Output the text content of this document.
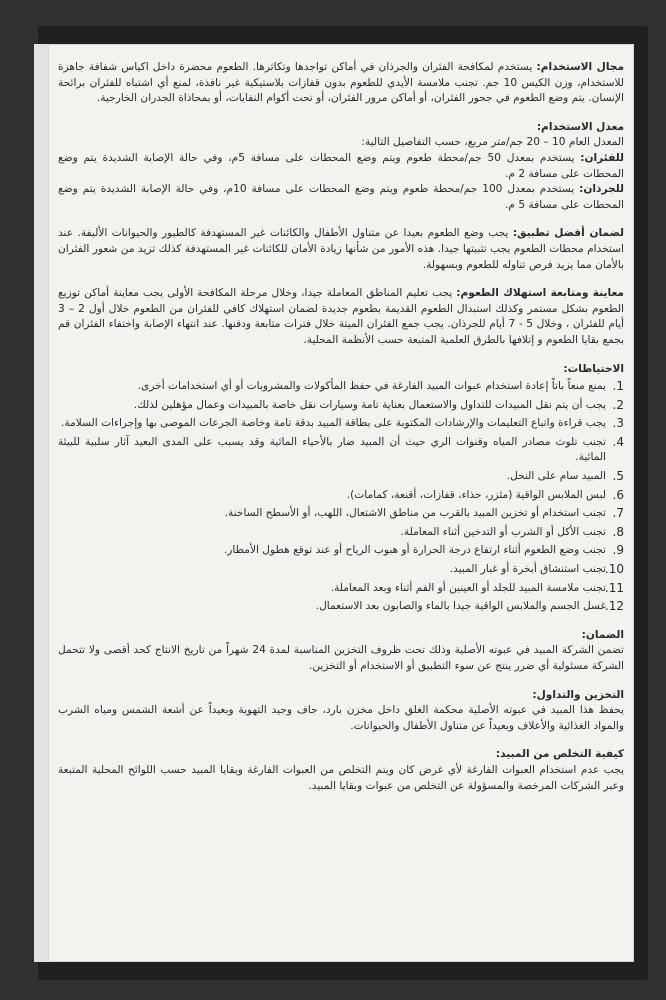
مجال الاستخدام: يستخدم لمكافحة الفئران والجرذان في أماكن تواجدها وتكاثرها. الطعوم محضرة داخل اكياس شفافة جاهزة للاستخدام، وزن الكيس 10 جم. تجنب ملامسة الأيدي للطعوم بدون قفازات بلاستيكية غير نافذة، لمنع أي اشتباه للفئران برائحة الإنسان. يتم وضع الطعوم في جحور الفئران، أو أماكن مرور الفئران، أو تحت أكوام النفايات، أو بمحاذاة الجدران الخارجية.
معدل الاستخدام:
المعدل العام 10 – 20 جم/متر مربع، حسب التفاصيل التالية:
للفئران: يستخدم بمعدل 50 جم/محطة طعوم ويتم وضع المحطات على مسافة 5م، وفي حالة الإصابة الشديدة يتم وضع المحطات على مسافة 2 م.
للجرذان: يستخدم بمعدل 100 جم/محطة طعوم ويتم وضع المحطات على مسافة 10م، وفي حالة الإصابة الشديدة يتم وضع المحطات على مسافة 5 م.
لضمان أفضل تطبيق: يجب وضع الطعوم بعيدا عن متناول الأطفال والكائنات غير المستهدفة كالطيور والحيوانات الأليفة. عند استخدام محطات الطعوم يجب تثبيتها جيدا. هذه الأمور من شأنها زيادة الأمان للكائنات غير المستهدفة كذلك تزيد من شعور الفئران بالأمان مما يزيد فرص تناوله للطعوم وبسهولة.
معاينة ومتابعة استهلاك الطعوم: يجب تعليم المناطق المعاملة جيدا، وخلال مرحلة المكافحة الأولى يجب معاينة أماكن توزيع الطعوم بشكل مستمر وكذلك استبدال الطعوم القديمة بطعوم جديدة لضمان استهلاك كافي للفئران من الطعوم خلال أول 2 – 3 أيام للفئران ، وخلال 5 - 7 أيام للجرذان. يجب جمع الفئران الميتة خلال فترات متابعة ودفنها. عند انتهاء الإصابة واختفاء الفئران قم بجمع بقايا الطعوم و إتلافها بالطرق العلمية المتبعة حسب الأنظمة المحلية.
الاحتياطات:
1.
يمنع منعاً باتاً إعادة استخدام عبوات المبيد الفارغة في حفظ المأكولات والمشروبات أو أي استخدامات أخرى.
2.
يجب أن يتم نقل المبيدات للتداول والاستعمال بعناية تامة وسيارات نقل خاصة بالمبيدات وعمال مؤهلين لذلك.
3.
يجب قراءة واتباع التعليمات والإرشادات المكتوبة على بطاقة المبيد بدقة تامة وخاصة الجرعات الموصى بها وإجراءات السلامة.
4.
تجنب تلوث مصادر المياه وقنوات الري حيث أن المبيد ضار بالأحياء المائية وقد يسبب على المدى البعيد آثار سلبية للبيئة المائية.
5.
المبيد سام على النحل.
6.
لبس الملابس الواقية (مئزر، حذاء، قفازات، أقنعة، كمامات).
7.
تجنب استخدام أو تخزين المبيد بالقرب من مناطق الاشتعال، اللهب، أو الأسطح الساخنة.
8.
تجنب الأكل أو الشرب أو التدخين أثناء المعاملة.
9.
تجنب وضع الطعوم أثناء ارتفاع درجة الحرارة أو هبوب الرياح أو عند توقع هطول الأمطار.
10.
تجنب استنشاق أبخرة أو غبار المبيد.
11.
تجنب ملامسة المبيد للجلد أو العينين أو الفم أثناء وبعد المعاملة.
12.
غسل الجسم والملابس الواقية جيدا بالماء والصابون بعد الاستعمال.
الضمان:
تضمن الشركة المبيد في عبوته الأصلية وذلك تحت ظروف التخزين المناسبة لمدة 24 شهراً من تاريخ الانتاج كحد أقصى ولا تتحمل الشركة مسئولية أي ضرر ينتج عن سوء التطبيق أو الاستخدام أو التخزين.
التخزين والتداول:
يحفظ هذا المبيد في عبوته الأصلية محكمة الغلق داخل مخزن بارد، جاف وجيد التهوية وبعيداً عن أشعة الشمس ومياه الشرب والمواد الغذائية والأعلاف وبعيداً عن متناول الأطفال والحيوانات.
كيفية التخلص من المبيد:
يجب عدم استخدام العبوات الفارغة لأي غرض كان ويتم التخلص من العبوات الفارغة وبقايا المبيد حسب اللوائح المحلية المتبعة وعبر الشركات المرخصة والمسؤولة عن التخلص من عبوات وبقايا المبيد.
